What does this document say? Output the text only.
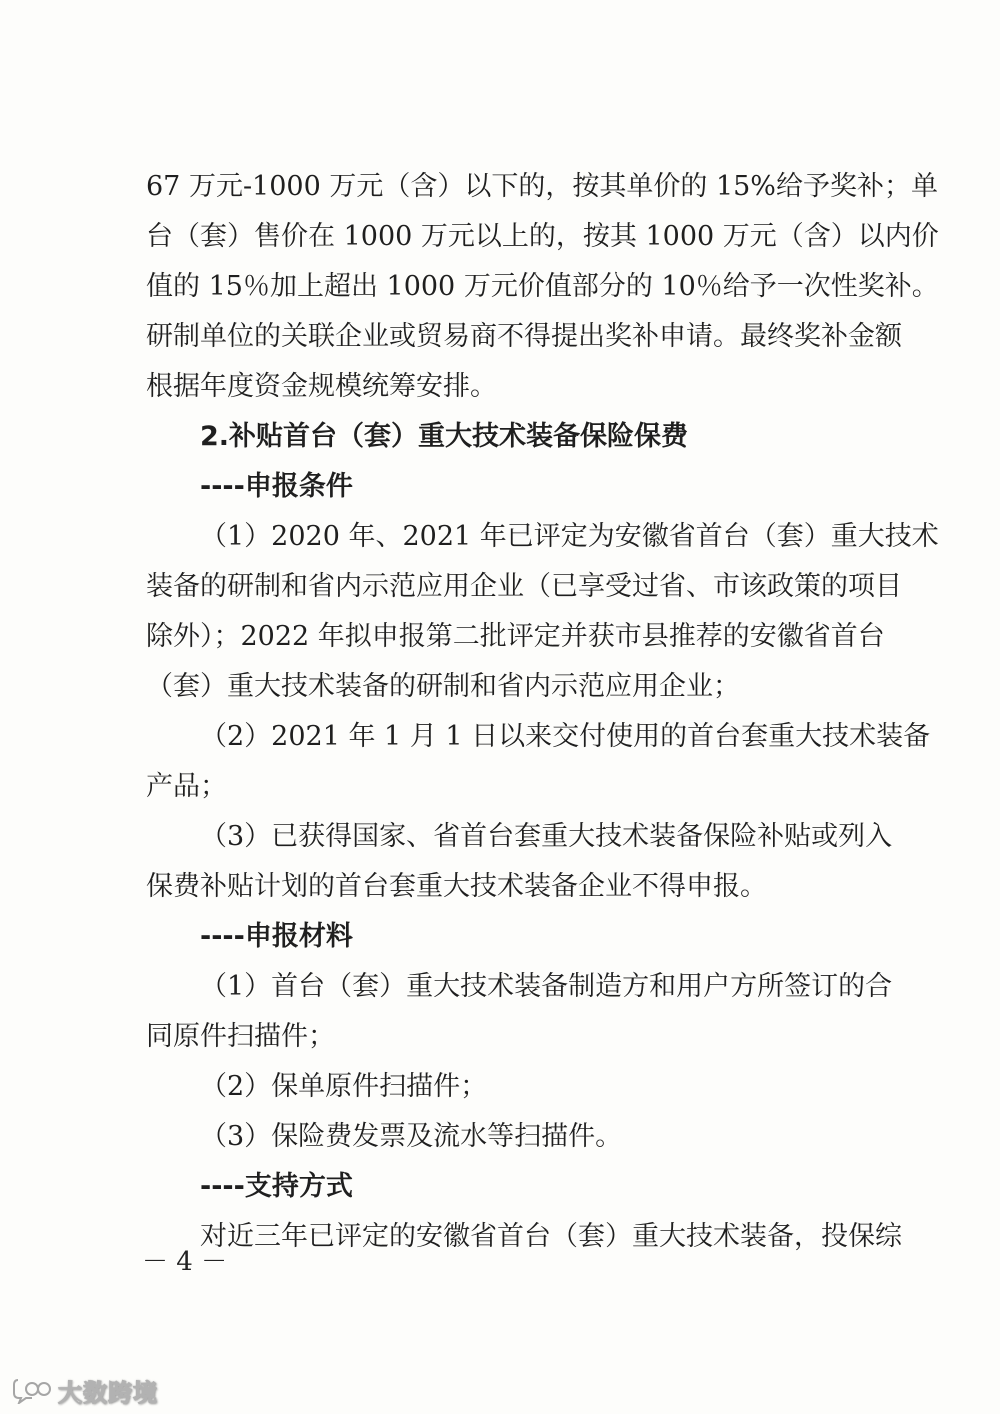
67 万元-1000 万元（含）以下的，按其单价的 15%给予奖补；单
台（套）售价在 1000 万元以上的，按其 1000 万元（含）以内价
值的 15％加上超出 1000 万元价值部分的 10％给予一次性奖补。
研制单位的关联企业或贸易商不得提出奖补申请。最终奖补金额
根据年度资金规模统筹安排。
2.补贴首台（套）重大技术装备保险保费
----申报条件
（1）2020 年、2021 年已评定为安徽省首台（套）重大技术
装备的研制和省内示范应用企业（已享受过省、市该政策的项目
除外）；2022 年拟申报第二批评定并获市县推荐的安徽省首台
（套）重大技术装备的研制和省内示范应用企业；
（2）2021 年 1 月 1 日以来交付使用的首台套重大技术装备
产品；
（3）已获得国家、省首台套重大技术装备保险补贴或列入
保费补贴计划的首台套重大技术装备企业不得申报。
----申报材料
（1）首台（套）重大技术装备制造方和用户方所签订的合
同原件扫描件；
（2）保单原件扫描件；
（3）保险费发票及流水等扫描件。
----支持方式
对近三年已评定的安徽省首台（套）重大技术装备，投保综
－ 4 －
大数跨境
